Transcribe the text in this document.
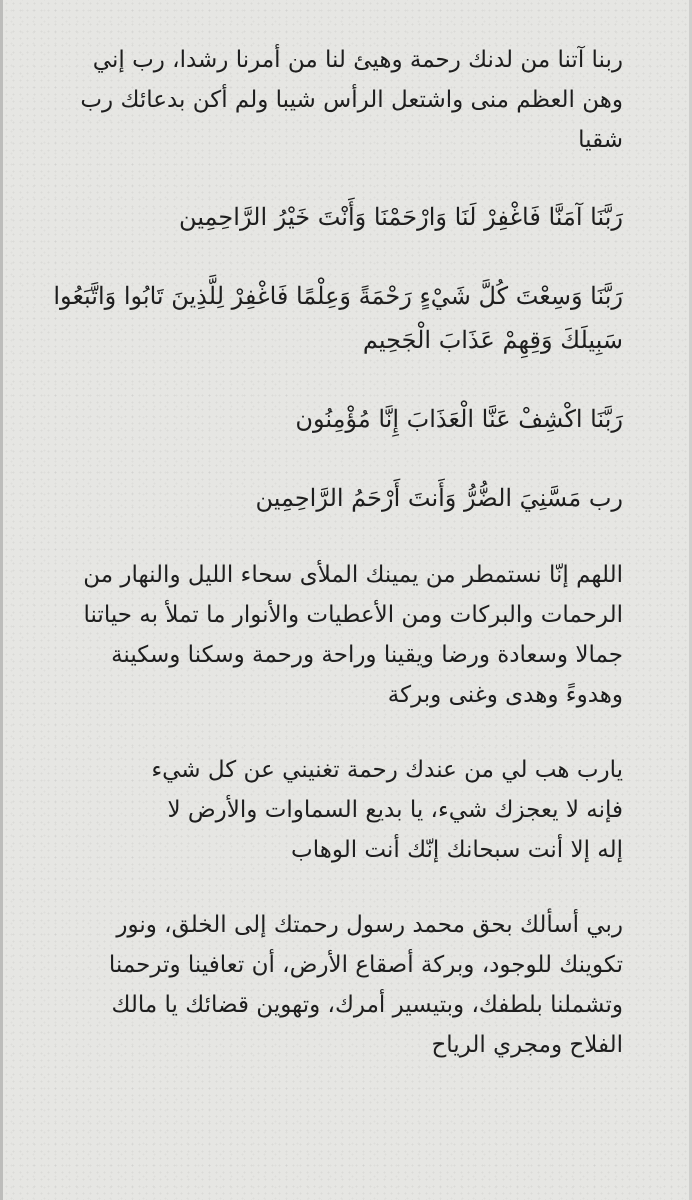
ربنا آتنا من لدنك رحمة وهيئ لنا من أمرنا رشدا، رب إني
وهن العظم منى واشتعل الرأس شيبا ولم أكن بدعائك رب
شقيا
رَبَّنَا آمَنَّا فَاغْفِرْ لَنَا وَارْحَمْنَا وَأَنْتَ خَيْرُ الرَّاحِمِين
رَبَّنَا وَسِعْتَ كُلَّ شَيْءٍ رَحْمَةً وَعِلْمًا فَاغْفِرْ لِلَّذِينَ تَابُوا وَاتَّبَعُوا
سَبِيلَكَ وَقِهِمْ عَذَابَ الْجَحِيم
رَبَّنَا اكْشِفْ عَنَّا الْعَذَابَ إِنَّا مُؤْمِنُون
رب مَسَّنِيَ الضُّرُّ وَأَنتَ أَرْحَمُ الرَّاحِمِين
اللهم إنّا نستمطر من يمينك الملأى سحاء الليل والنهار من
الرحمات والبركات ومن الأعطيات والأنوار ما تملأ به حياتنا
جمالا وسعادة ورضا ويقينا وراحة ورحمة وسكنا وسكينة
وهدوءً وهدى وغنى وبركة
يارب هب لي من عندك رحمة تغنيني عن كل شيء
فإنه لا يعجزك شيء، يا بديع السماوات والأرض لا
إله إلا أنت سبحانك إنّك أنت الوهاب
ربي أسألك بحق محمد رسول رحمتك إلى الخلق، ونور
تكوينك للوجود، وبركة أصقاع الأرض، أن تعافينا وترحمنا
وتشملنا بلطفك، وبتيسير أمرك، وتهوين قضائك يا مالك
الفلاح ومجري الرياح
